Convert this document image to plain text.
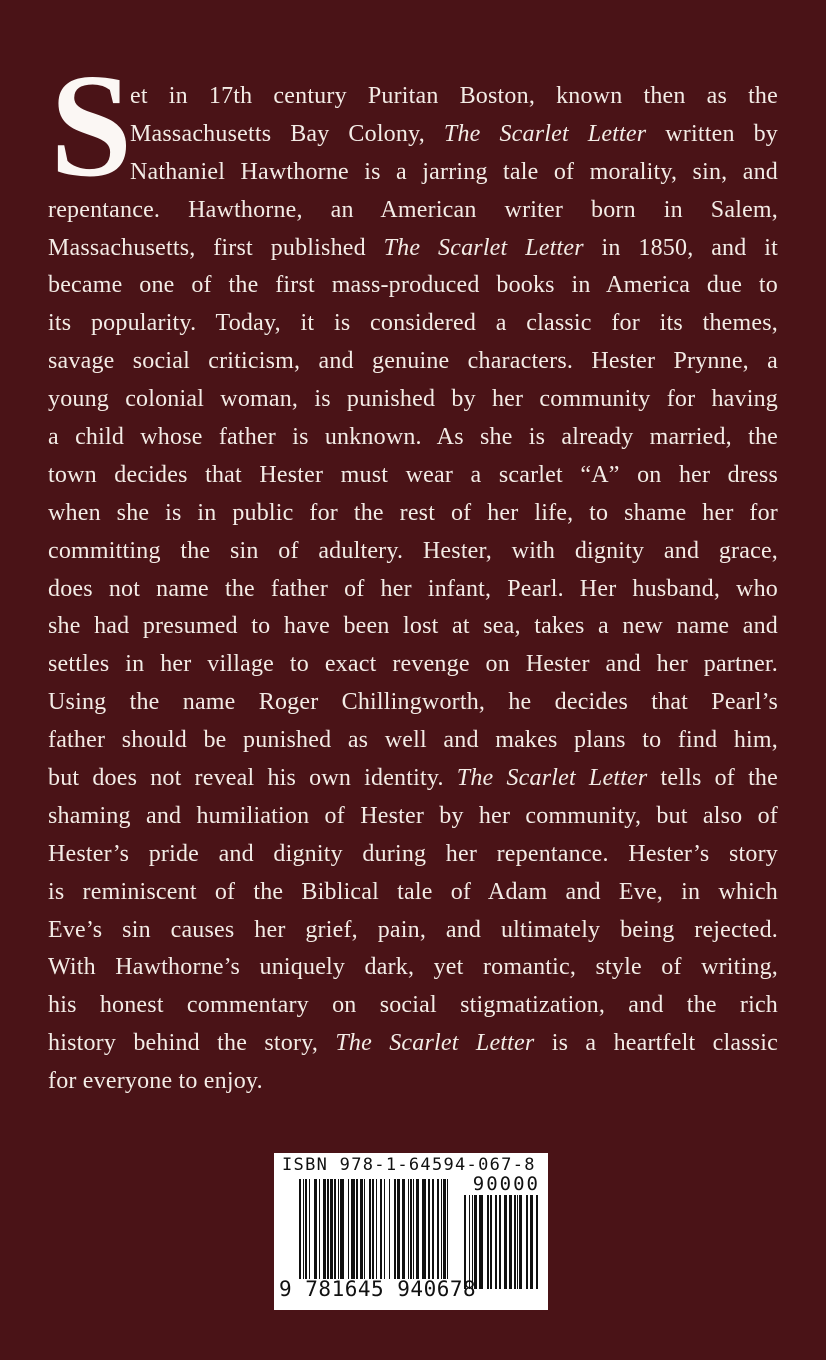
S
et in 17th century Puritan Boston, known then as the
Massachusetts Bay Colony, The Scarlet Letter written by
Nathaniel Hawthorne is a jarring tale of morality, sin, and
repentance. Hawthorne, an American writer born in Salem,
Massachusetts, first published The Scarlet Letter in 1850, and it
became one of the first mass-produced books in America due to
its popularity. Today, it is considered a classic for its themes,
savage social criticism, and genuine characters. Hester Prynne, a
young colonial woman, is punished by her community for having
a child whose father is unknown. As she is already married, the
town decides that Hester must wear a scarlet “A” on her dress
when she is in public for the rest of her life, to shame her for
committing the sin of adultery. Hester, with dignity and grace,
does not name the father of her infant, Pearl. Her husband, who
she had presumed to have been lost at sea, takes a new name and
settles in her village to exact revenge on Hester and her partner.
Using the name Roger Chillingworth, he decides that Pearl’s
father should be punished as well and makes plans to find him,
but does not reveal his own identity. The Scarlet Letter tells of the
shaming and humiliation of Hester by her community, but also of
Hester’s pride and dignity during her repentance. Hester’s story
is reminiscent of the Biblical tale of Adam and Eve, in which
Eve’s sin causes her grief, pain, and ultimately being rejected.
With Hawthorne’s uniquely dark, yet romantic, style of writing,
his honest commentary on social stigmatization, and the rich
history behind the story, The Scarlet Letter is a heartfelt classic
for everyone to enjoy.
ISBN 978-1-64594-067-8
90000
9 781645 940678
